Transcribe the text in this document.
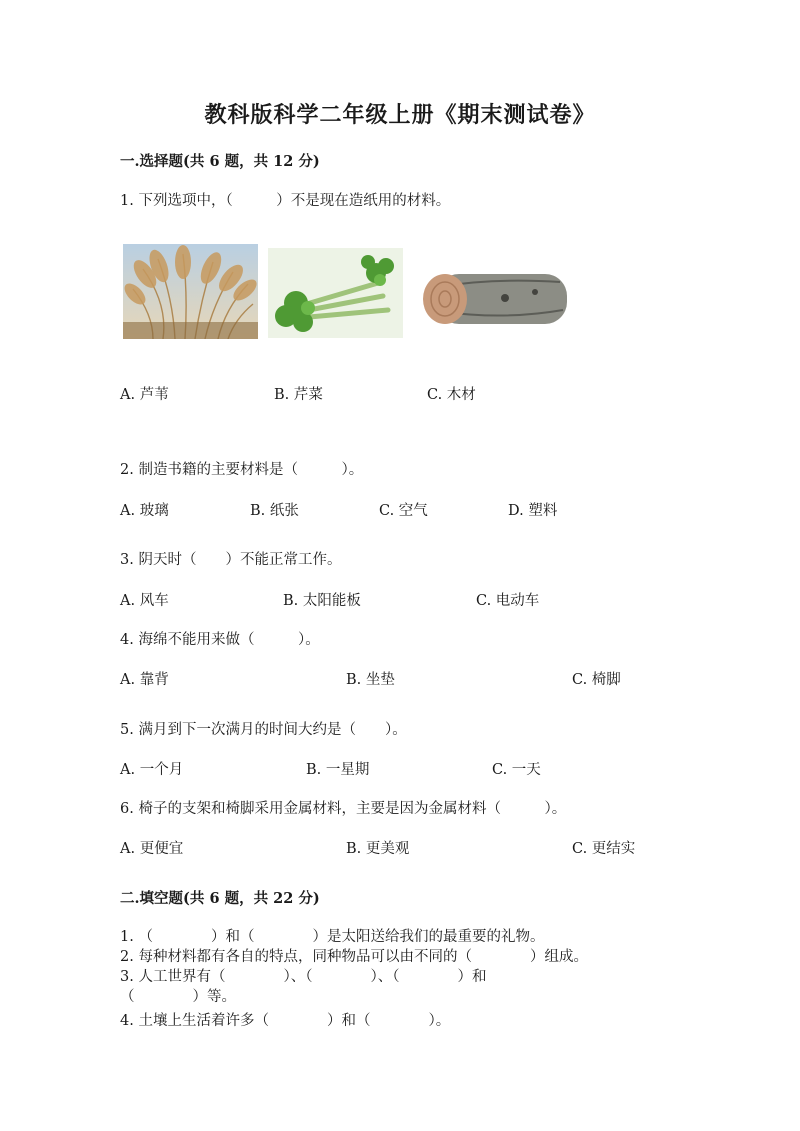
教科版科学二年级上册《期末测试卷》
一.选择题(共 6 题，共 12 分)
1. 下列选项中，（　　　）不是现在造纸用的材料。
A. 芦苇	B. 芹菜	C. 木材
2. 制造书籍的主要材料是（　　　）。
A. 玻璃	B. 纸张	C. 空气	D. 塑料
3. 阴天时（　　）不能正常工作。
A. 风车	B. 太阳能板	C. 电动车
4. 海绵不能用来做（　　　）。
A. 靠背	B. 坐垫	C. 椅脚
5. 满月到下一次满月的时间大约是（　　）。
A. 一个月	B. 一星期	C. 一天
6. 椅子的支架和椅脚采用金属材料，主要是因为金属材料（　　　）。
A. 更便宜	B. 更美观	C. 更结实
二.填空题(共 6 题，共 22 分)
1. （　　　　）和（　　　　）是太阳送给我们的最重要的礼物。
2. 每种材料都有各自的特点，同种物品可以由不同的（　　　　）组成。
3. 人工世界有（　　　　）、（　　　　）、（　　　　）和
（　　　　）等。
4. 土壤上生活着许多（　　　　）和（　　　　）。
